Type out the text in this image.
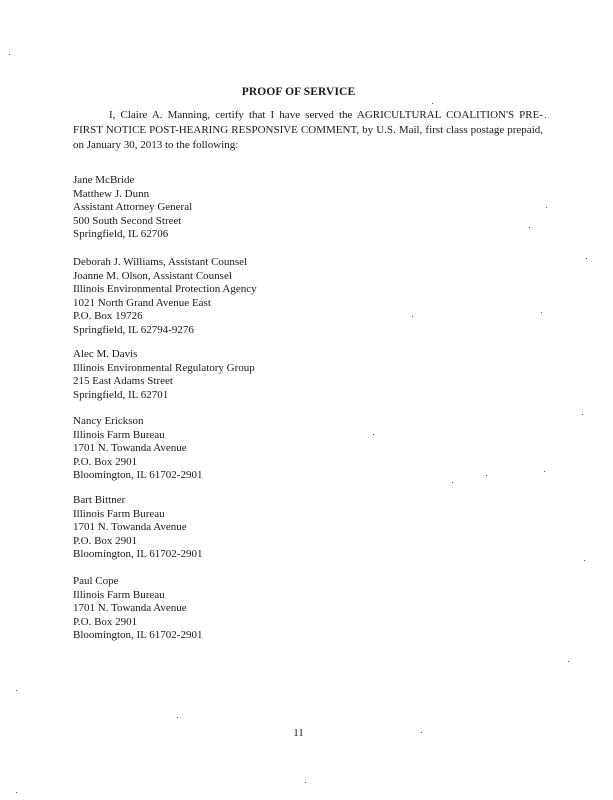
PROOF OF SERVICE
I, Claire A. Manning, certify that I have served the AGRICULTURAL COALITION'S PRE-FIRST NOTICE POST-HEARING RESPONSIVE COMMENT, by U.S. Mail, first class postage prepaid, on January 30, 2013 to the following:
Jane McBride
Matthew J. Dunn
Assistant Attorney General
500 South Second Street
Springfield, IL 62706
Deborah J. Williams, Assistant Counsel
Joanne M. Olson, Assistant Counsel
Illinois Environmental Protection Agency
1021 North Grand Avenue East
P.O. Box 19726
Springfield, IL 62794-9276
Alec M. Davis
Illinois Environmental Regulatory Group
215 East Adams Street
Springfield, IL 62701
Nancy Erickson
Illinois Farm Bureau
1701 N. Towanda Avenue
P.O. Box 2901
Bloomington, IL 61702-2901
Bart Bittner
Illinois Farm Bureau
1701 N. Towanda Avenue
P.O. Box 2901
Bloomington, IL 61702-2901
Paul Cope
Illinois Farm Bureau
1701 N. Towanda Avenue
P.O. Box 2901
Bloomington, IL 61702-2901
11
